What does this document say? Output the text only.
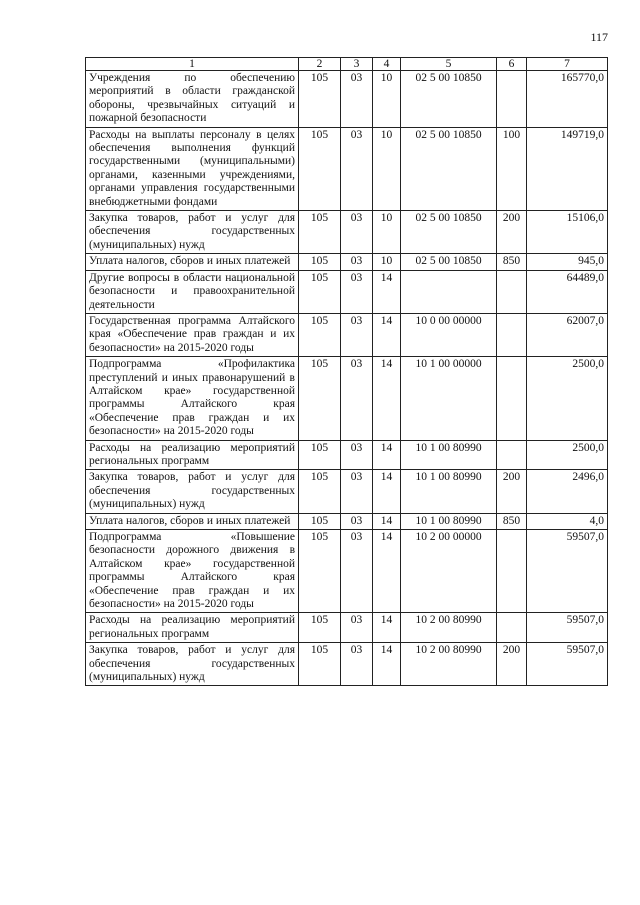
117
1	2	3	4	5	6	7
Учреждения по обеспечению мероприятий в области гражданской обороны, чрезвычайных ситуаций и пожарной безопасности	105	03	10	02 5 00 10850		165770,0
Расходы на выплаты персоналу в целях обеспечения выполнения функций государственными (муниципальными) органами, казенными учреждениями, органами управления государственными внебюджетными фондами	105	03	10	02 5 00 10850	100	149719,0
Закупка товаров, работ и услуг для обеспечения государственных (муниципальных) нужд	105	03	10	02 5 00 10850	200	15106,0
Уплата налогов, сборов и иных платежей	105	03	10	02 5 00 10850	850	945,0
Другие вопросы в области национальной безопасности и правоохранительной деятельности	105	03	14			64489,0
Государственная программа Алтайского края «Обеспечение прав граждан и их безопасности» на 2015-2020 годы	105	03	14	10 0 00 00000		62007,0
Подпрограмма «Профилактика преступлений и иных правонарушений в Алтайском крае» государственной программы Алтайского края «Обеспечение прав граждан и их безопасности» на 2015-2020 годы	105	03	14	10 1 00 00000		2500,0
Расходы на реализацию мероприятий региональных программ	105	03	14	10 1 00 80990		2500,0
Закупка товаров, работ и услуг для обеспечения государственных (муниципальных) нужд	105	03	14	10 1 00 80990	200	2496,0
Уплата налогов, сборов и иных платежей	105	03	14	10 1 00 80990	850	4,0
Подпрограмма «Повышение безопасности дорожного движения в Алтайском крае» государственной программы Алтайского края «Обеспечение прав граждан и их безопасности» на 2015-2020 годы	105	03	14	10 2 00 00000		59507,0
Расходы на реализацию мероприятий региональных программ	105	03	14	10 2 00 80990		59507,0
Закупка товаров, работ и услуг для обеспечения государственных (муниципальных) нужд	105	03	14	10 2 00 80990	200	59507,0
